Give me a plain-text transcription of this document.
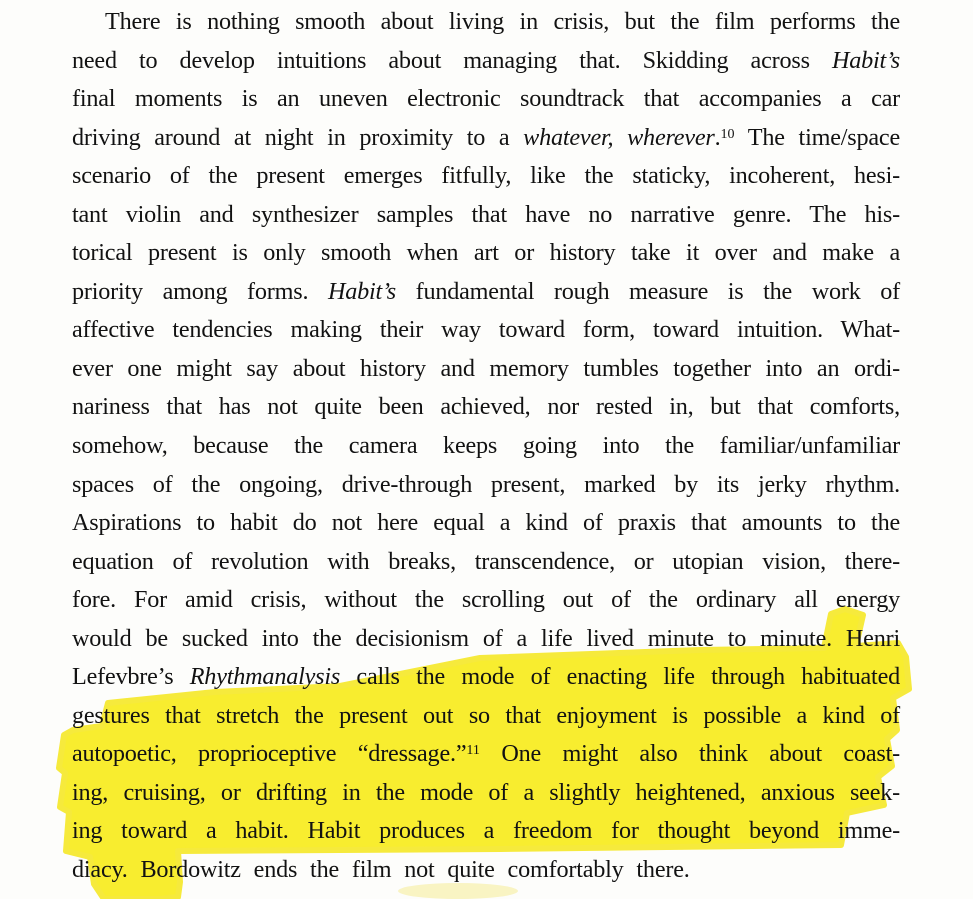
There is nothing smooth about living in crisis, but the film performs the
need to develop intuitions about managing that. Skidding across Habit’s
final moments is an uneven electronic soundtrack that accompanies a car
driving around at night in proximity to a whatever, wherever.$^{10}$ The time/space
scenario of the present emerges fitfully, like the staticky, incoherent, hesi-
tant violin and synthesizer samples that have no narrative genre. The his-
torical present is only smooth when art or history take it over and make a
priority among forms. Habit’s fundamental rough measure is the work of
affective tendencies making their way toward form, toward intuition. What-
ever one might say about history and memory tumbles together into an ordi-
nariness that has not quite been achieved, nor rested in, but that comforts,
somehow, because the camera keeps going into the familiar/unfamiliar
spaces of the ongoing, drive-through present, marked by its jerky rhythm.
Aspirations to habit do not here equal a kind of praxis that amounts to the
equation of revolution with breaks, transcendence, or utopian vision, there-
fore. For amid crisis, without the scrolling out of the ordinary all energy
would be sucked into the decisionism of a life lived minute to minute. Henri
Lefevbre’s Rhythmanalysis calls the mode of enacting life through habituated
gestures that stretch the present out so that enjoyment is possible a kind of
autopoetic, proprioceptive “dressage.”$^{11}$ One might also think about coast-
ing, cruising, or drifting in the mode of a slightly heightened, anxious seek-
ing toward a habit. Habit produces a freedom for thought beyond imme-
diacy. Bordowitz ends the film not quite comfortably there.
